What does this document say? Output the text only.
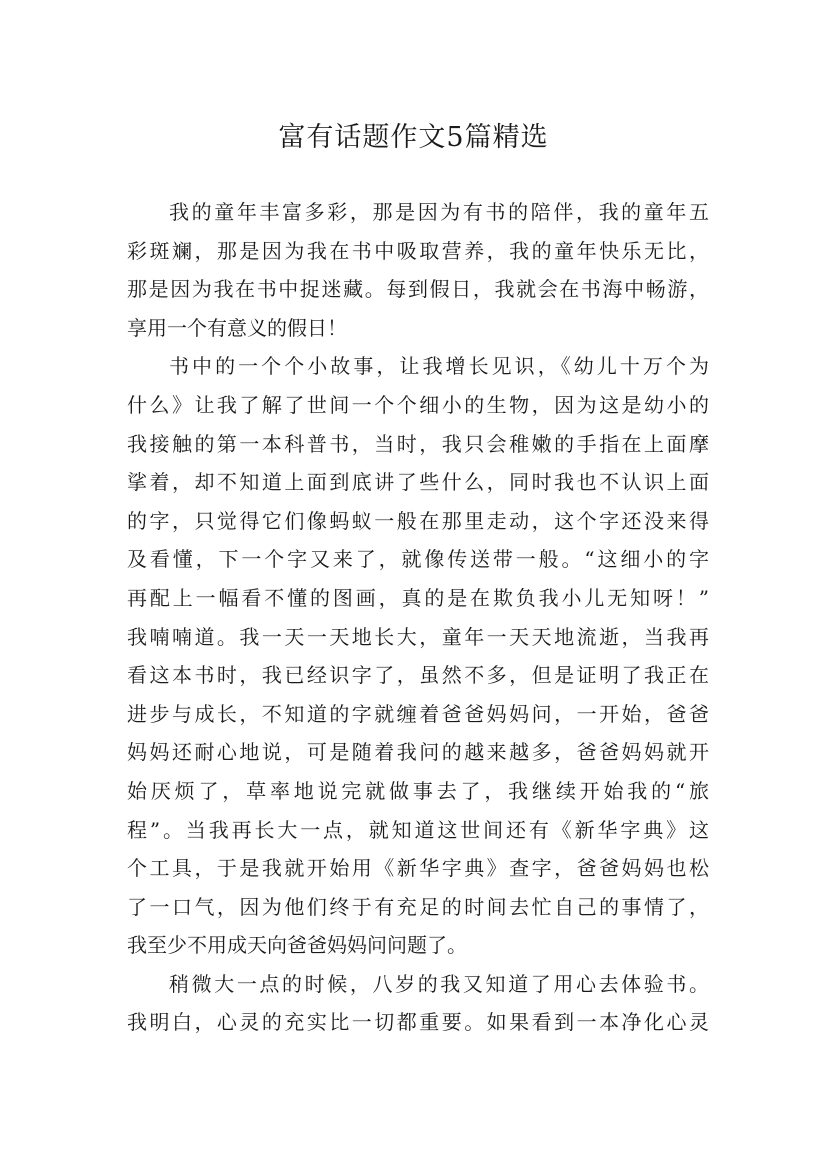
富有话题作文5篇精选
我的童年丰富多彩，那是因为有书的陪伴，我的童年五
彩斑斓，那是因为我在书中吸取营养，我的童年快乐无比，
那是因为我在书中捉迷藏。每到假日，我就会在书海中畅游，
享用一个有意义的假日！
书中的一个个小故事，让我增长见识，《幼儿十万个为
什么》让我了解了世间一个个细小的生物，因为这是幼小的
我接触的第一本科普书，当时，我只会稚嫩的手指在上面摩
挲着，却不知道上面到底讲了些什么，同时我也不认识上面
的字，只觉得它们像蚂蚁一般在那里走动，这个字还没来得
及看懂，下一个字又来了，就像传送带一般。“这细小的字
再配上一幅看不懂的图画，真的是在欺负我小儿无知呀！”
我喃喃道。我一天一天地长大，童年一天天地流逝，当我再
看这本书时，我已经识字了，虽然不多，但是证明了我正在
进步与成长，不知道的字就缠着爸爸妈妈问，一开始，爸爸
妈妈还耐心地说，可是随着我问的越来越多，爸爸妈妈就开
始厌烦了，草率地说完就做事去了，我继续开始我的“旅
程”。当我再长大一点，就知道这世间还有《新华字典》这
个工具，于是我就开始用《新华字典》查字，爸爸妈妈也松
了一口气，因为他们终于有充足的时间去忙自己的事情了，
我至少不用成天向爸爸妈妈问问题了。
稍微大一点的时候，八岁的我又知道了用心去体验书。
我明白，心灵的充实比一切都重要。如果看到一本净化心灵
